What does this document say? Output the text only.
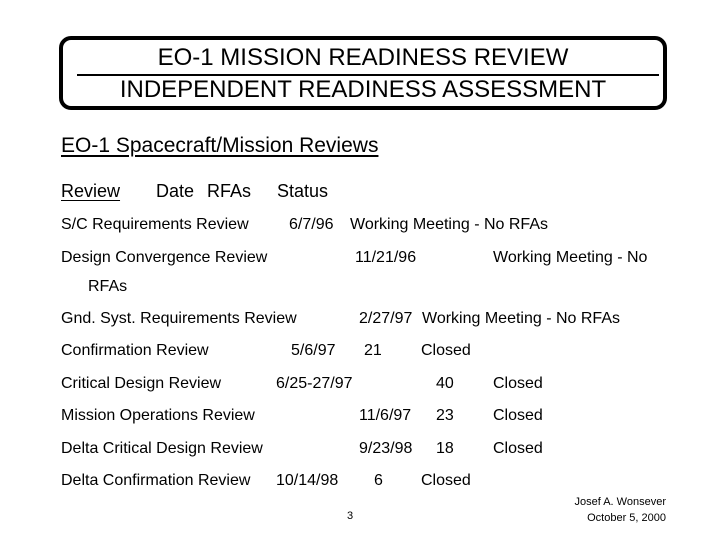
EO-1 MISSION READINESS REVIEW
INDEPENDENT READINESS ASSESSMENT
EO-1 Spacecraft/Mission Reviews
Review Date RFAs Status
S/C Requirements Review	6/7/96 Working Meeting - No RFAs
Design Convergence Review	11/21/96	Working Meeting - No
RFAs
Gnd. Syst. Requirements Review	2/27/97 Working Meeting - No RFAs
Confirmation Review	5/6/97 21 Closed
Critical Design Review	6/25-27/97	40 Closed
Mission Operations Review	11/6/97 23 Closed
Delta Critical Design Review	9/23/98 18 Closed
Delta Confirmation Review 10/14/98 6 Closed
3
Josef A. Wonsever
October 5, 2000
